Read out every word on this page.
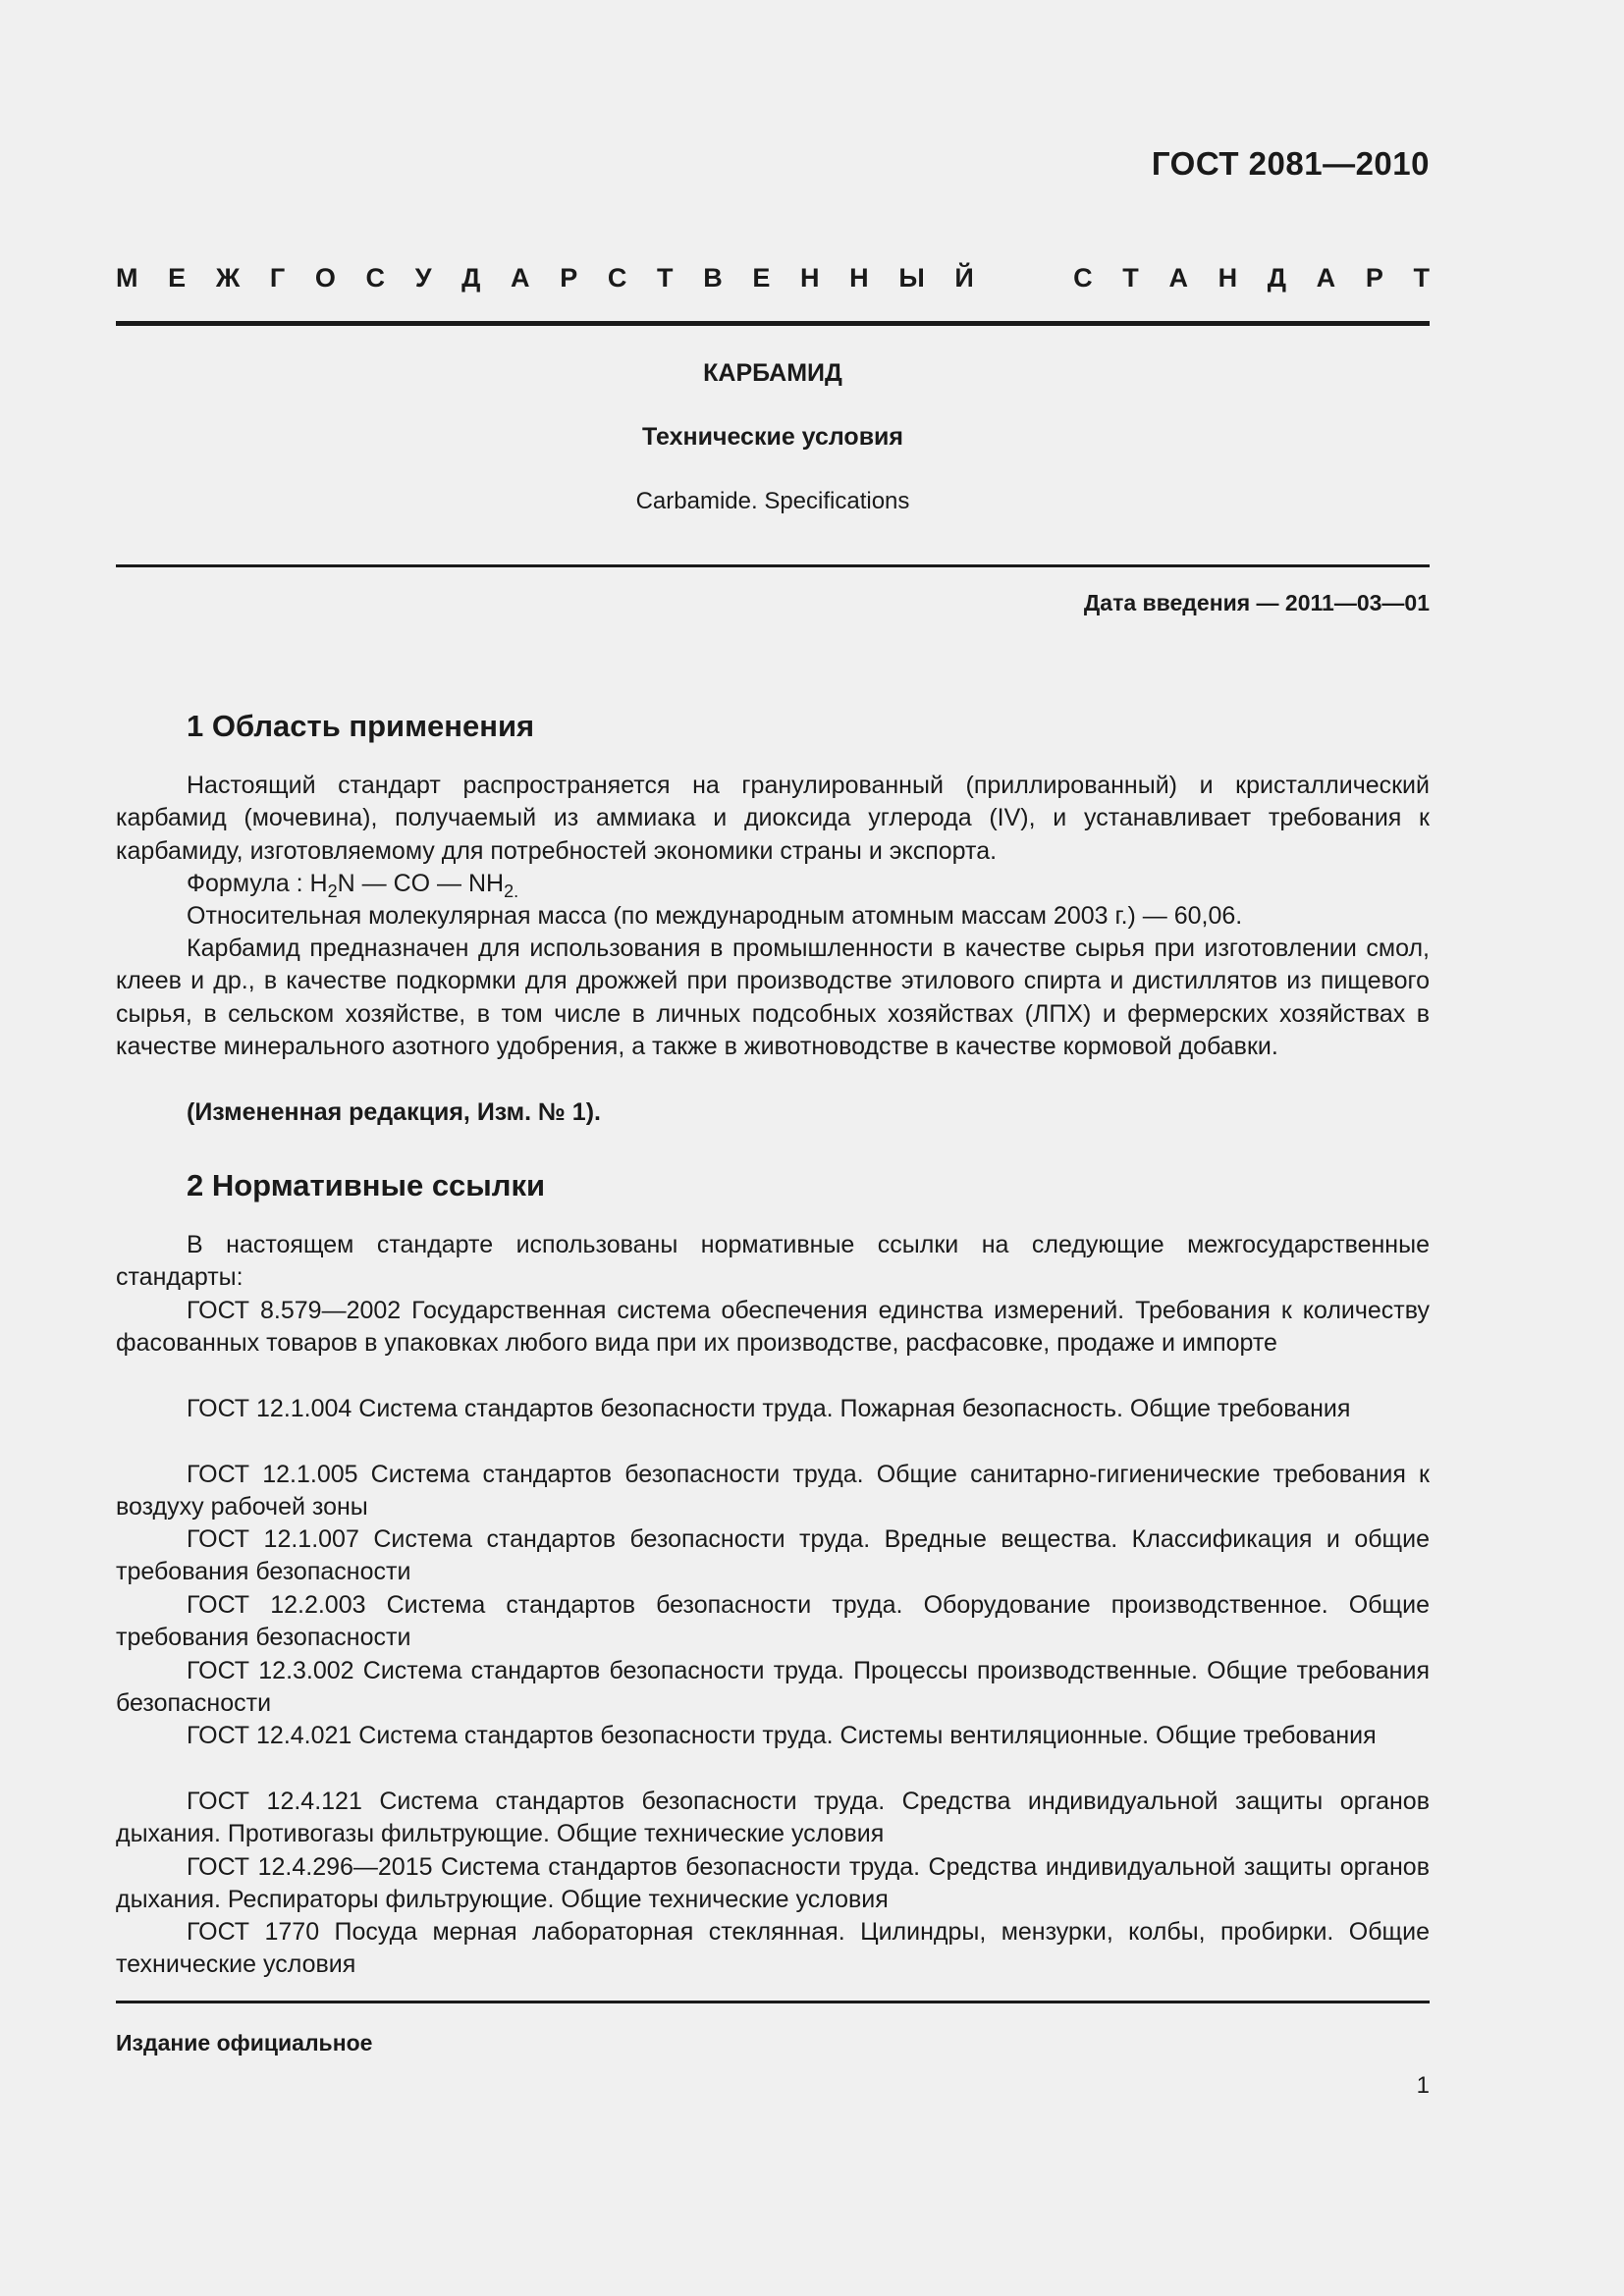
ГОСТ 2081—2010
М Е Ж Г О С У Д А Р С Т В Е Н Н Ы Й	С Т А Н Д А Р Т
КАРБАМИД
Технические условия
Carbamide. Specifications
Дата введения — 2011—03—01
1 Область применения

Настоящий стандарт распространяется на гранулированный (приллированный) и кристаллический карбамид (мочевина), получаемый из аммиака и диоксида углерода (IV), и устанавливает требования к карбамиду, изготовляемому для потребностей экономики страны и экспорта.

Формула : $H_2N$ — CO — $NH_{2.}$

Относительная молекулярная масса (по международным атомным массам 2003 г.) — 60,06.

Карбамид предназначен для использования в промышленности в качестве сырья при изготовлении смол, клеев и др., в качестве подкормки для дрожжей при производстве этилового спирта и дистиллятов из пищевого сырья, в сельском хозяйстве, в том числе в личных подсобных хозяйствах (ЛПХ) и фермерских хозяйствах в качестве минерального азотного удобрения, а также в животноводстве в качестве кормовой добавки.

(Измененная редакция, Изм. № 1).

2 Нормативные ссылки

В настоящем стандарте использованы нормативные ссылки на следующие межгосударственные стандарты:

ГОСТ 8.579—2002 Государственная система обеспечения единства измерений. Требования к количеству фасованных товаров в упаковках любого вида при их производстве, расфасовке, продаже и импорте

ГОСТ 12.1.004 Система стандартов безопасности труда. Пожарная безопасность. Общие требования

ГОСТ 12.1.005 Система стандартов безопасности труда. Общие санитарно-гигиенические требования к воздуху рабочей зоны

ГОСТ 12.1.007 Система стандартов безопасности труда. Вредные вещества. Классификация и общие требования безопасности

ГОСТ 12.2.003 Система стандартов безопасности труда. Оборудование производственное. Общие требования безопасности

ГОСТ 12.3.002 Система стандартов безопасности труда. Процессы производственные. Общие требования безопасности

ГОСТ 12.4.021 Система стандартов безопасности труда. Системы вентиляционные. Общие требования

ГОСТ 12.4.121 Система стандартов безопасности труда. Средства индивидуальной защиты органов дыхания. Противогазы фильтрующие. Общие технические условия

ГОСТ 12.4.296—2015 Система стандартов безопасности труда. Средства индивидуальной защиты органов дыхания. Респираторы фильтрующие. Общие технические условия

ГОСТ 1770 Посуда мерная лабораторная стеклянная. Цилиндры, мензурки, колбы, пробирки. Общие технические условия

Издание официальное
1
